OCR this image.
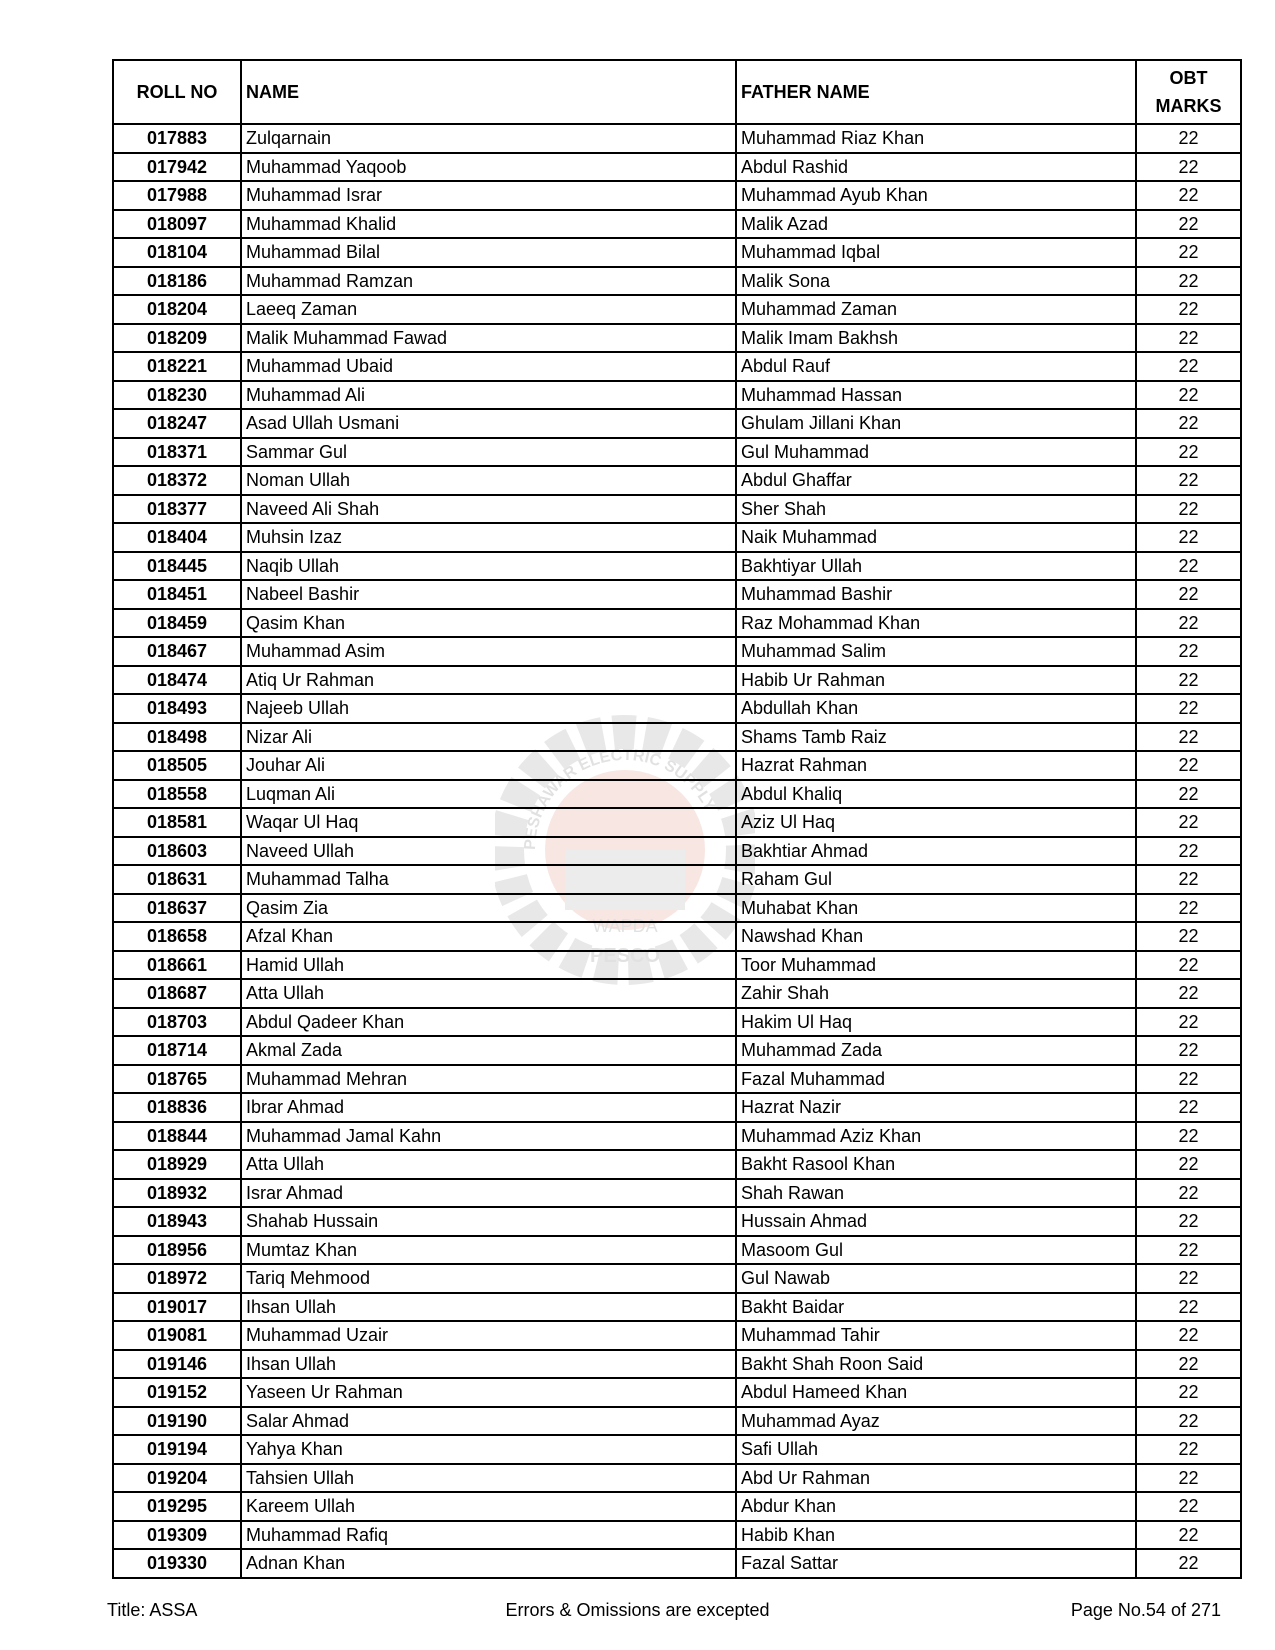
PESHAWAR ELECTRIC SUPPLY
WAPDA
PESCO
ROLL NO	NAME	FATHER NAME	OBT
MARKS

017883	Zulqarnain	Muhammad Riaz Khan	22
017942	Muhammad Yaqoob	Abdul Rashid	22
017988	Muhammad Israr	Muhammad Ayub Khan	22
018097	Muhammad Khalid	Malik Azad	22
018104	Muhammad Bilal	Muhammad Iqbal	22
018186	Muhammad Ramzan	Malik Sona	22
018204	Laeeq Zaman	Muhammad Zaman	22
018209	Malik Muhammad Fawad	Malik Imam Bakhsh	22
018221	Muhammad Ubaid	Abdul Rauf	22
018230	Muhammad Ali	Muhammad Hassan	22
018247	Asad Ullah Usmani	Ghulam Jillani Khan	22
018371	Sammar Gul	Gul Muhammad	22
018372	Noman Ullah	Abdul Ghaffar	22
018377	Naveed Ali Shah	Sher Shah	22
018404	Muhsin Izaz	Naik Muhammad	22
018445	Naqib Ullah	Bakhtiyar Ullah	22
018451	Nabeel Bashir	Muhammad Bashir	22
018459	Qasim Khan	Raz Mohammad Khan	22
018467	Muhammad Asim	Muhammad Salim	22
018474	Atiq Ur Rahman	Habib Ur Rahman	22
018493	Najeeb Ullah	Abdullah Khan	22
018498	Nizar Ali	Shams Tamb Raiz	22
018505	Jouhar Ali	Hazrat Rahman	22
018558	Luqman Ali	Abdul Khaliq	22
018581	Waqar Ul Haq	Aziz Ul Haq	22
018603	Naveed Ullah	Bakhtiar Ahmad	22
018631	Muhammad Talha	Raham Gul	22
018637	Qasim Zia	Muhabat Khan	22
018658	Afzal Khan	Nawshad Khan	22
018661	Hamid Ullah	Toor Muhammad	22
018687	Atta Ullah	Zahir Shah	22
018703	Abdul Qadeer Khan	Hakim Ul Haq	22
018714	Akmal Zada	Muhammad Zada	22
018765	Muhammad Mehran	Fazal Muhammad	22
018836	Ibrar Ahmad	Hazrat Nazir	22
018844	Muhammad Jamal Kahn	Muhammad Aziz Khan	22
018929	Atta Ullah	Bakht Rasool Khan	22
018932	Israr Ahmad	Shah Rawan	22
018943	Shahab Hussain	Hussain Ahmad	22
018956	Mumtaz Khan	Masoom Gul	22
018972	Tariq Mehmood	Gul Nawab	22
019017	Ihsan Ullah	Bakht Baidar	22
019081	Muhammad Uzair	Muhammad Tahir	22
019146	Ihsan Ullah	Bakht Shah Roon Said	22
019152	Yaseen Ur Rahman	Abdul Hameed Khan	22
019190	Salar Ahmad	Muhammad Ayaz	22
019194	Yahya Khan	Safi Ullah	22
019204	Tahsien Ullah	Abd Ur Rahman	22
019295	Kareem Ullah	Abdur Khan	22
019309	Muhammad Rafiq	Habib Khan	22
019330	Adnan Khan	Fazal Sattar	22
Errors & Omissions are excepted
Title: ASSA	Page No.54 of 271
